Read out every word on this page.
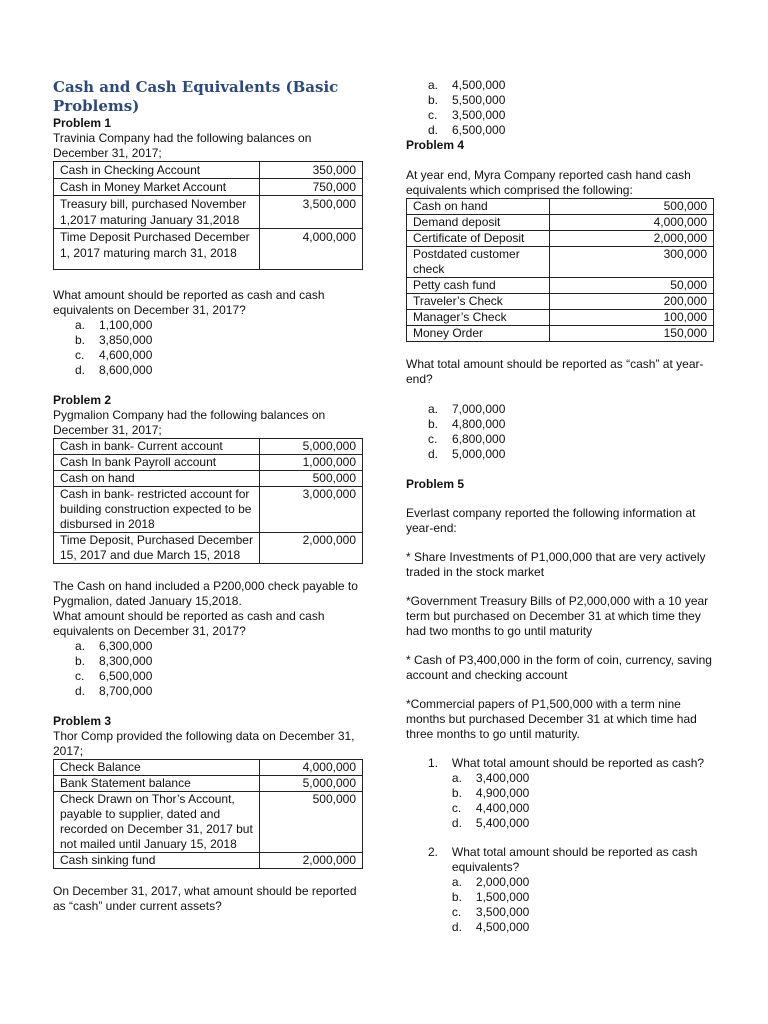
Cash and Cash Equivalents (Basic Problems)

Problem 1

Travinia Company had the following balances on December 31, 2017;

Cash in Checking Account	350,000
Cash in Money Market Account	750,000
Treasury bill, purchased November 1,2017 maturing January 31,2018	3,500,000
Time Deposit Purchased December 1, 2017 maturing march 31, 2018	4,000,000

What amount should be reported as cash and cash equivalents on December 31, 2017?

a.	1,100,000
b.	3,850,000
c.	4,600,000
d.	8,600,000

Problem 2

Pygmalion Company had the following balances on December 31, 2017;

Cash in bank- Current account	5,000,000
Cash In bank Payroll account	1,000,000
Cash on hand	500,000
Cash in bank- restricted account for building construction expected to be disbursed in 2018	3,000,000
Time Deposit, Purchased December 15, 2017 and due March 15, 2018	2,000,000

The Cash on hand included a P200,000 check payable to Pygmalion, dated January 15,2018.

What amount should be reported as cash and cash equivalents on December 31, 2017?

a.	6,300,000
b.	8,300,000
c.	6,500,000
d.	8,700,000

Problem 3

Thor Comp provided the following data on December 31, 2017;

Check Balance	4,000,000
Bank Statement balance	5,000,000
Check Drawn on Thor’s Account, payable to supplier, dated and recorded on December 31, 2017 but not mailed until January 15, 2018	500,000
Cash sinking fund	2,000,000

On December 31, 2017, what amount should be reported as “cash” under current assets?

a.	4,500,000
b.	5,500,000
c.	3,500,000
d.	6,500,000

Problem 4

At year end, Myra Company reported cash hand cash equivalents which comprised the following:

Cash on hand	500,000
Demand deposit	4,000,000
Certificate of Deposit	2,000,000
Postdated customer check	300,000
Petty cash fund	50,000
Traveler’s Check	200,000
Manager’s Check	100,000
Money Order	150,000

What total amount should be reported as “cash” at year- end?

a.	7,000,000
b.	4,800,000
c.	6,800,000
d.	5,000,000

Problem 5

Everlast company reported the following information at year-end:

* Share Investments of P1,000,000 that are very actively traded in the stock market

*Government Treasury Bills of P2,000,000 with a 10 year term but purchased on December 31 at which time they had two months to go until maturity

* Cash of P3,400,000 in the form of coin, currency, saving account and checking account

*Commercial papers of P1,500,000 with a term nine months but purchased December 31 at which time had three months to go until maturity.

1.	What total amount should be reported as cash?

a.	3,400,000
b.	4,900,000
c.	4,400,000
d.	5,400,000
2.	What total amount should be reported as cash equivalents?

a.	2,000,000
b.	1,500,000
c.	3,500,000
d.	4,500,000
